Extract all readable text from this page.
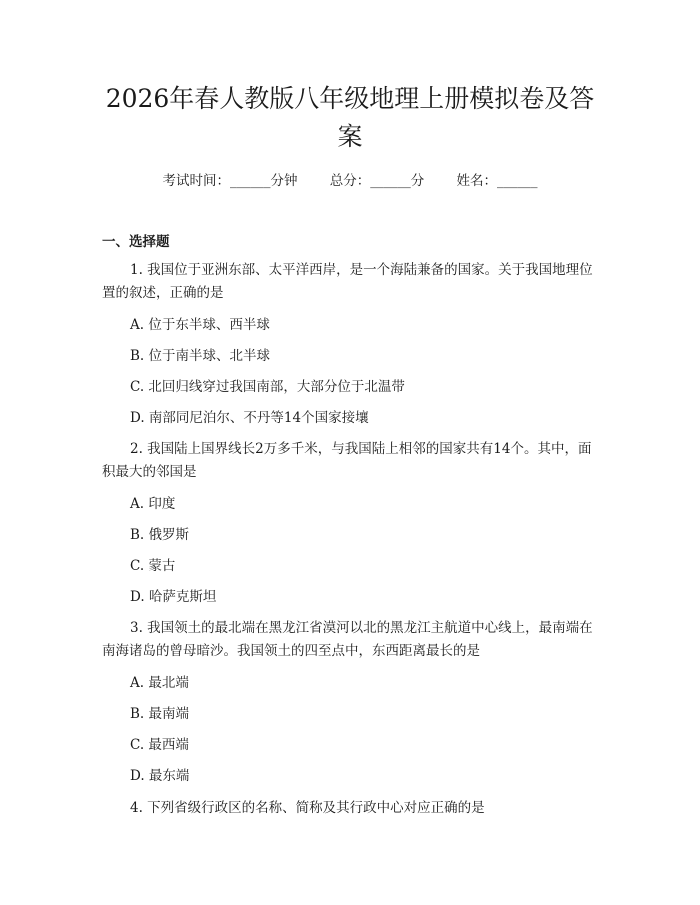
2026年春人教版八年级地理上册模拟卷及答案
考试时间：______分钟 总分：______分 姓名：______
一、选择题
1. 我国位于亚洲东部、太平洋西岸，是一个海陆兼备的国家。关于我国地理位置的叙述，正确的是
A. 位于东半球、西半球
B. 位于南半球、北半球
C. 北回归线穿过我国南部，大部分位于北温带
D. 南部同尼泊尔、不丹等14个国家接壤
2. 我国陆上国界线长2万多千米，与我国陆上相邻的国家共有14个。其中，面积最大的邻国是
A. 印度
B. 俄罗斯
C. 蒙古
D. 哈萨克斯坦
3. 我国领土的最北端在黑龙江省漠河以北的黑龙江主航道中心线上，最南端在南海诸岛的曾母暗沙。我国领土的四至点中，东西距离最长的是
A. 最北端
B. 最南端
C. 最西端
D. 最东端
4. 下列省级行政区的名称、简称及其行政中心对应正确的是
